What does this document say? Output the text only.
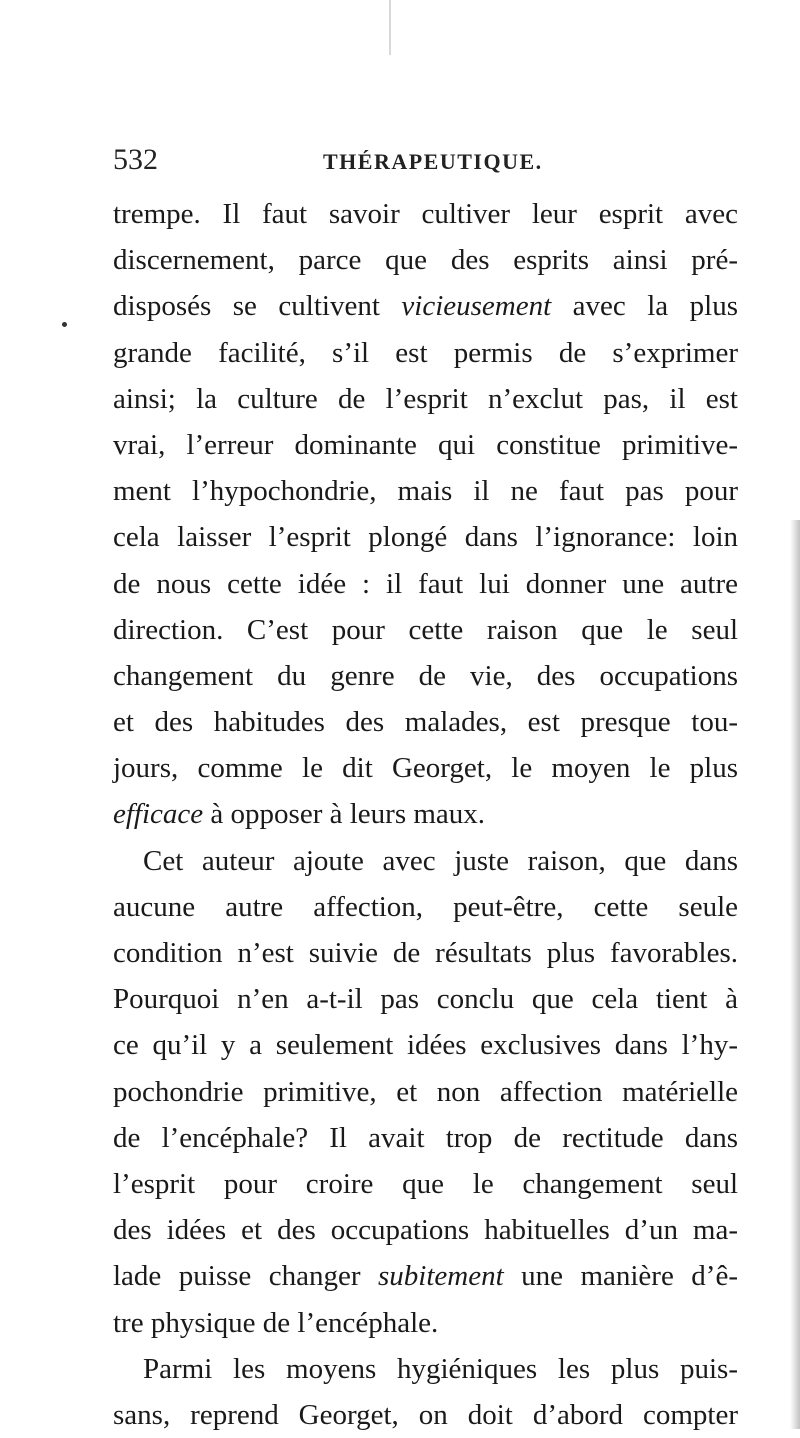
532	THÉRAPEUTIQUE.
trempe. Il faut savoir cultiver leur esprit avec
discernement, parce que des esprits ainsi pré-
disposés se cultivent vicieusement avec la plus
grande facilité, s’il est permis de s’exprimer
ainsi; la culture de l’esprit n’exclut pas, il est
vrai, l’erreur dominante qui constitue primitive-
ment l’hypochondrie, mais il ne faut pas pour
cela laisser l’esprit plongé dans l’ignorance: loin
de nous cette idée : il faut lui donner une autre
direction. C’est pour cette raison que le seul
changement du genre de vie, des occupations
et des habitudes des malades, est presque tou-
jours, comme le dit Georget, le moyen le plus
efficace à opposer à leurs maux.
Cet auteur ajoute avec juste raison, que dans
aucune autre affection, peut-être, cette seule
condition n’est suivie de résultats plus favorables.
Pourquoi n’en a-t-il pas conclu que cela tient à
ce qu’il y a seulement idées exclusives dans l’hy-
pochondrie primitive, et non affection matérielle
de l’encéphale? Il avait trop de rectitude dans
l’esprit pour croire que le changement seul
des idées et des occupations habituelles d’un ma-
lade puisse changer subitement une manière d’ê-
tre physique de l’encéphale.
Parmi les moyens hygiéniques les plus puis-
sans, reprend Georget, on doit d’abord compter
